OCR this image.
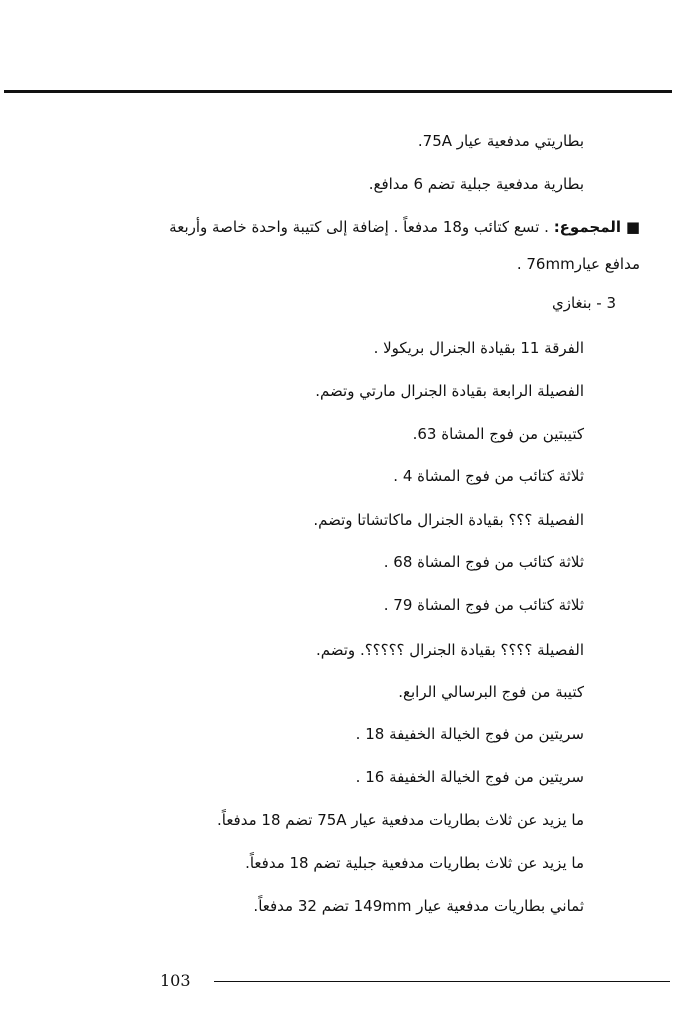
بطاريتي مدفعية عيار 75A.
بطارية مدفعية جبلية تضم 6 مدافع.
■ المجموع: . تسع كتائب و18 مدفعاً . إضافة إلى كتيبة واحدة خاصة وأربعة
مدافع عيار76mm .
3 - بنغازي
الفرقة 11 بقيادة الجنرال بريكولا .
الفصيلة الرابعة بقيادة الجنرال مارتي وتضم.
كتيبتين من فوج المشاة 63.
ثلاثة كتائب من فوج المشاة 4 .
الفصيلة ؟؟؟ بقيادة الجنرال ماكاتشاتا وتضم.
ثلاثة كتائب من فوج المشاة 68 .
ثلاثة كتائب من فوج المشاة 79 .
الفصيلة ؟؟؟؟ بقيادة الجنرال ؟؟؟؟؟. وتضم.
كتيبة من فوج البرسالي الرابع.
سريتين من فوج الخيالة الخفيفة 18 .
سريتين من فوج الخيالة الخفيفة 16 .
ما يزيد عن ثلاث بطاريات مدفعية عيار 75A تضم 18 مدفعاً.
ما يزيد عن ثلاث بطاريات مدفعية جبلية تضم 18 مدفعاً.
ثماني بطاريات مدفعية عيار 149mm تضم 32 مدفعاً.
103
